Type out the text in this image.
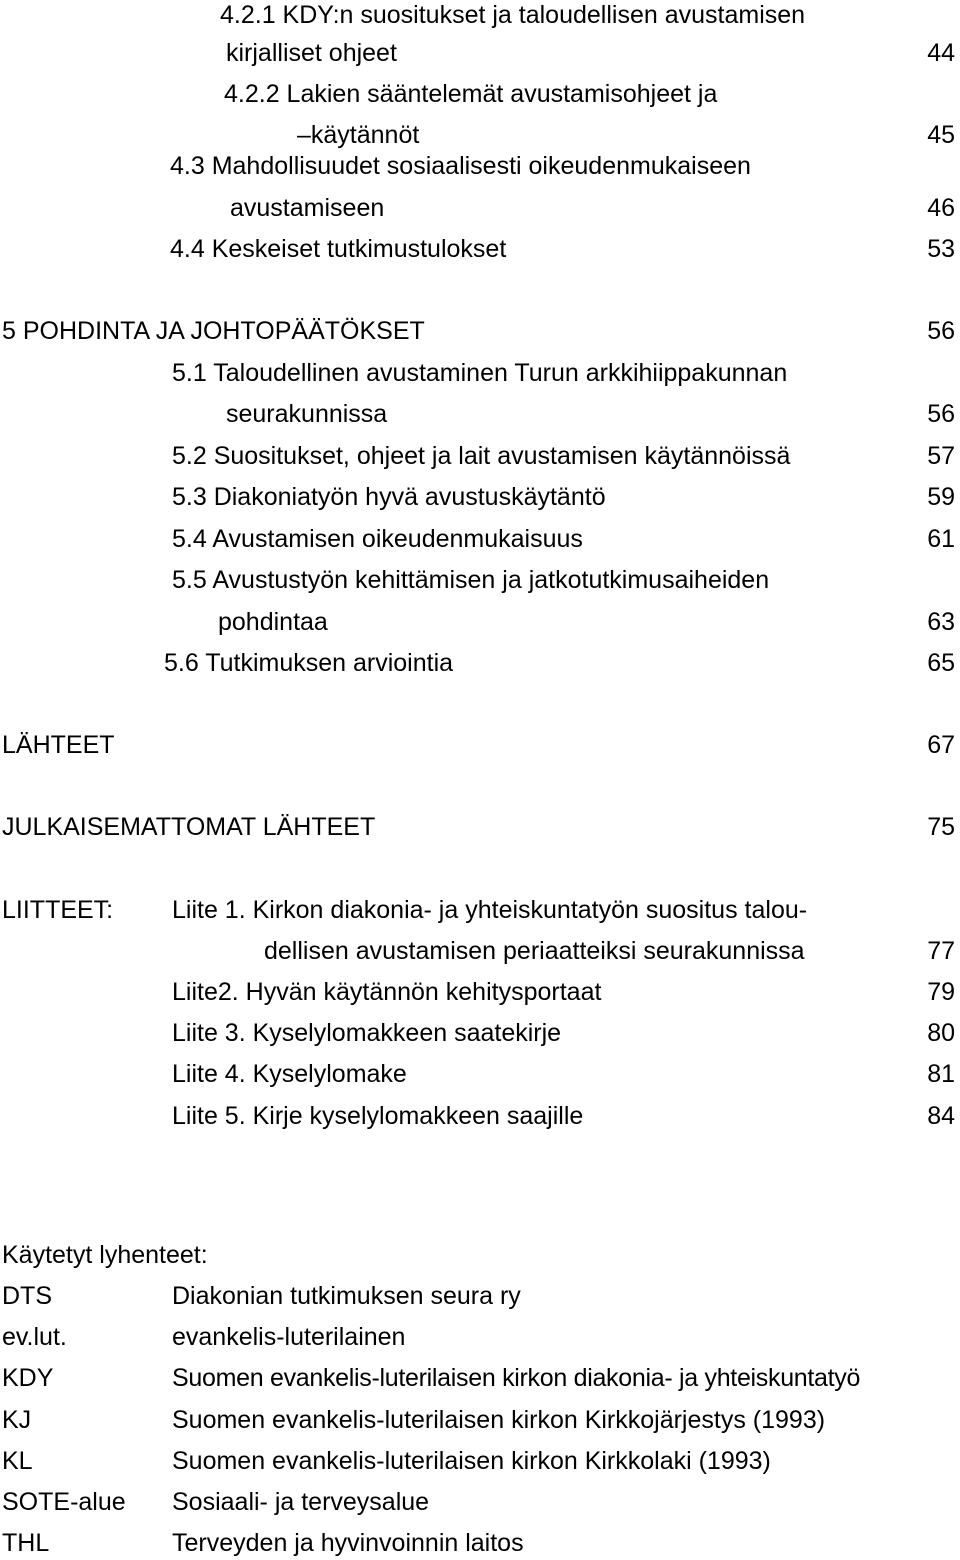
4.2.1 KDY:n suositukset ja taloudellisen avustamisen
kirjalliset ohjeet	44
4.2.2 Lakien sääntelemät avustamisohjeet ja
–käytännöt	45
4.3 Mahdollisuudet sosiaalisesti oikeudenmukaiseen
avustamiseen	46
4.4 Keskeiset tutkimustulokset	53
5 POHDINTA JA JOHTOPÄÄTÖKSET	56
5.1 Taloudellinen avustaminen Turun arkkihiippakunnan
seurakunnissa	56
5.2 Suositukset, ohjeet ja lait avustamisen käytännöissä	57
5.3 Diakoniatyön hyvä avustuskäytäntö	59
5.4 Avustamisen oikeudenmukaisuus	61
5.5 Avustustyön kehittämisen ja jatkotutkimusaiheiden
pohdintaa	63
5.6 Tutkimuksen arviointia	65
LÄHTEET	67
JULKAISEMATTOMAT LÄHTEET	75
LIITTEET: Liite 1. Kirkon diakonia- ja yhteiskuntatyön suositus talou-
dellisen avustamisen periaatteiksi seurakunnissa	77
Liite2. Hyvän käytännön kehitysportaat	79
Liite 3. Kyselylomakkeen saatekirje	80
Liite 4. Kyselylomake	81
Liite 5. Kirje kyselylomakkeen saajille	84
Käytetyt lyhenteet:
DTS	Diakonian tutkimuksen seura ry
ev.lut.	evankelis-luterilainen
KDY	Suomen evankelis-luterilaisen kirkon diakonia- ja yhteiskuntatyö
KJ	Suomen evankelis-luterilaisen kirkon Kirkkojärjestys (1993)
KL	Suomen evankelis-luterilaisen kirkon Kirkkolaki (1993)
SOTE-alue Sosiaali- ja terveysalue
THL	Terveyden ja hyvinvoinnin laitos
